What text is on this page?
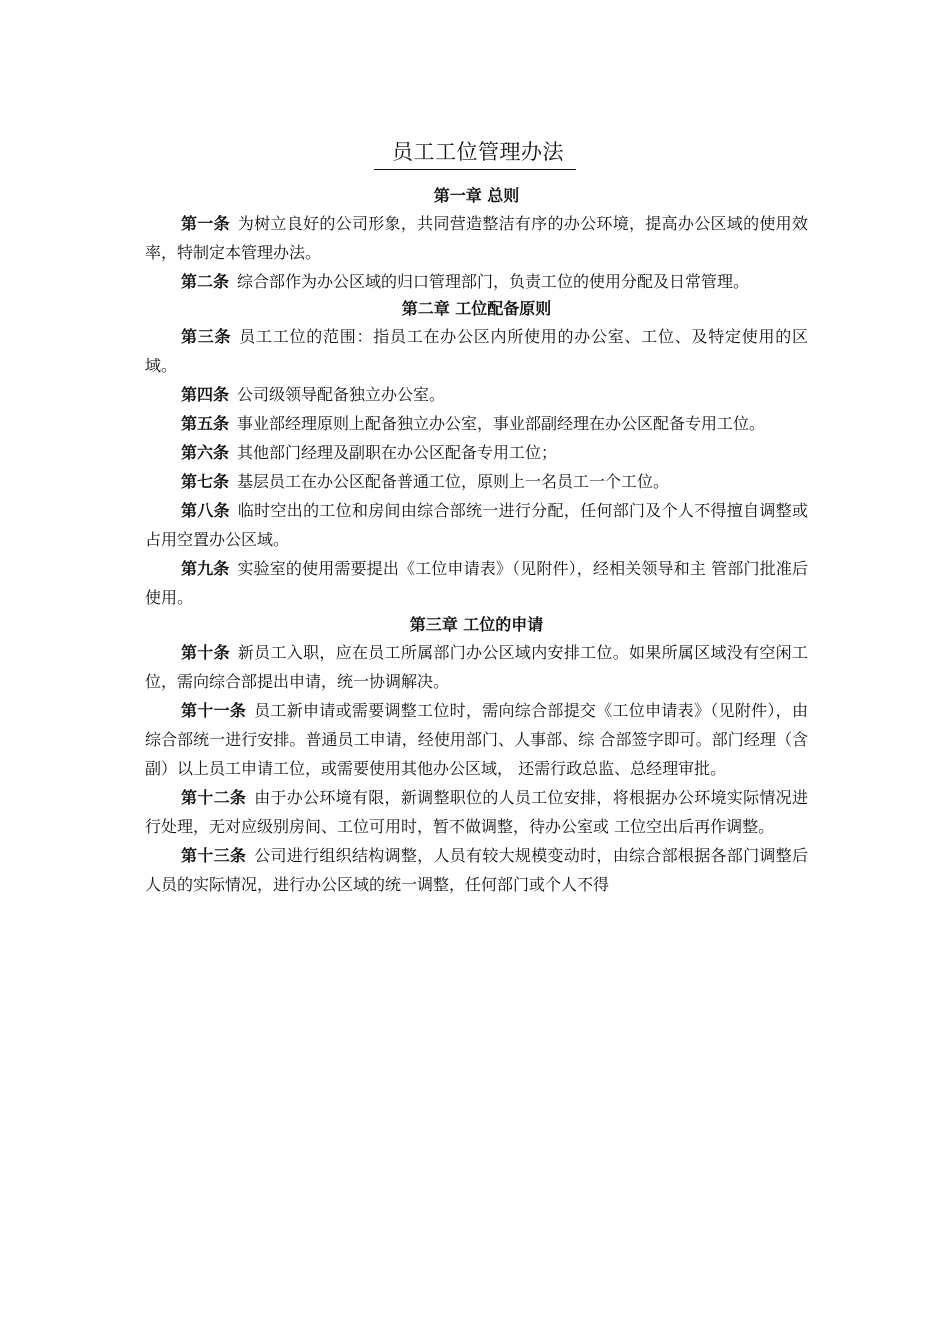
员工工位管理办法
第一章 总则

第一条 为树立良好的公司形象，共同营造整洁有序的办公环境，提高办公区域的使用效率，特制定本管理办法。

第二条 综合部作为办公区域的归口管理部门，负责工位的使用分配及日常管理。

第二章 工位配备原则

第三条 员工工位的范围：指员工在办公区内所使用的办公室、工位、及特定使用的区域。

第四条 公司级领导配备独立办公室。

第五条 事业部经理原则上配备独立办公室，事业部副经理在办公区配备专用工位。

第六条 其他部门经理及副职在办公区配备专用工位；

第七条 基层员工在办公区配备普通工位，原则上一名员工一个工位。

第八条 临时空出的工位和房间由综合部统一进行分配，任何部门及个人不得擅自调整或占用空置办公区域。

第九条 实验室的使用需要提出《工位申请表》（见附件），经相关领导和主 管部门批准后使用。

第三章 工位的申请

第十条 新员工入职，应在员工所属部门办公区域内安排工位。如果所属区域没有空闲工位，需向综合部提出申请，统一协调解决。

第十一条 员工新申请或需要调整工位时，需向综合部提交《工位申请表》（见附件），由综合部统一进行安排。普通员工申请，经使用部门、人事部、综 合部签字即可。部门经理（含副）以上员工申请工位，或需要使用其他办公区域， 还需行政总监、总经理审批。

第十二条 由于办公环境有限，新调整职位的人员工位安排，将根据办公环境实际情况进行处理，无对应级别房间、工位可用时，暂不做调整，待办公室或 工位空出后再作调整。

第十三条 公司进行组织结构调整，人员有较大规模变动时，由综合部根据各部门调整后人员的实际情况，进行办公区域的统一调整，任何部门或个人不得
